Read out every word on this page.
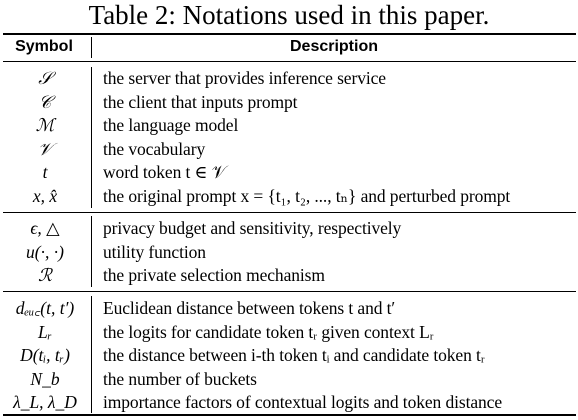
Table 2: Notations used in this paper.
Symbol	Description
𝒮	the server that provides inference service
𝒞	the client that inputs prompt
ℳ	the language model
𝒱	the vocabulary
t	word token t ∈ 𝒱
x, x̂	the original prompt x = {t₁, t₂, ..., tₙ} and perturbed prompt
ϵ, △	privacy budget and sensitivity, respectively
u(·, ·)	utility function
ℛ	the private selection mechanism
dₑᵤ꜀(t, t′)	Euclidean distance between tokens t and t′
Lᵣ	the logits for candidate token tᵣ given context Lᵣ
D(tᵢ, tᵣ)	the distance between i-th token tᵢ and candidate token tᵣ
N_b	the number of buckets
λ_L, λ_D	importance factors of contextual logits and token distance
